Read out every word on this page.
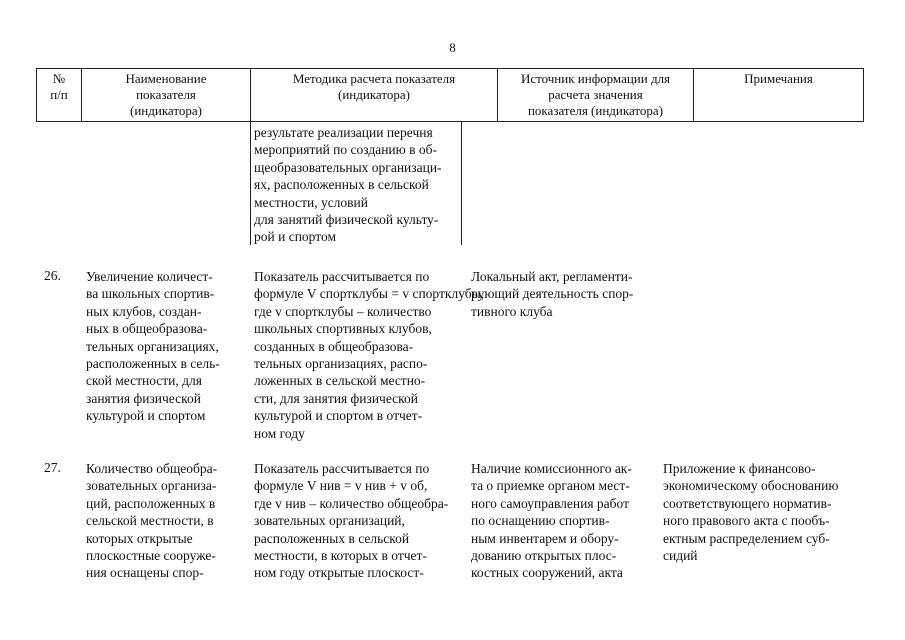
8
№
п/п
Наименование
показателя
(индикатора)
Методика расчета показателя
(индикатора)
Источник информации для
расчета значения
показателя (индикатора)
Примечания
результате реализации перечня
мероприятий по созданию в об-
щеобразовательных организаци-
ях, расположенных в сельской
местности, условий
для занятий физической культу-
рой и спортом
26. Увеличение количест-
ва школьных спортив-
ных клубов, создан-
ных в общеобразова-
тельных организациях,
расположенных в сель-
ской местности, для
занятия физической
культурой и спортом
Показатель рассчитывается по
формуле V спортклубы = v спортклубы,
где v спортклубы – количество
школьных спортивных клубов,
созданных в общеобразова-
тельных организациях, распо-
ложенных в сельской местно-
сти, для занятия физической
культурой и спортом в отчет-
ном году
Локальный акт, регламенти-
рующий деятельность спор-
тивного клуба
27. Количество общеобра-
зовательных организа-
ций, расположенных в
сельской местности, в
которых открытые
плоскостные сооруже-
ния оснащены спор-
Показатель рассчитывается по
формуле V нив = v нив + v об,
где v нив – количество общеобра-
зовательных организаций,
расположенных в сельской
местности, в которых в отчет-
ном году открытые плоскост-
Наличие комиссионного ак-
та о приемке органом мест-
ного самоуправления работ
по оснащению спортив-
ным инвентарем и обору-
дованию открытых плос-
костных сооружений, акта
Приложение к финансово-
экономическому обоснованию
соответствующего норматив-
ного правового акта с пообъ-
ектным распределением суб-
сидий
